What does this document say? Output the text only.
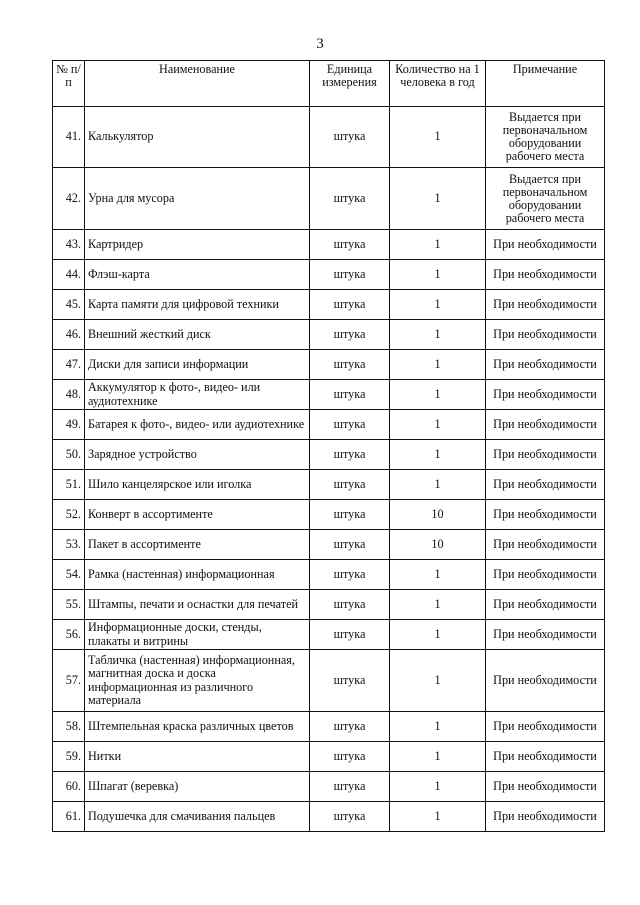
3
№ п/п	Наименование	Единица измерения	Количество на 1 человека в год	Примечание
41.	Калькулятор	штука	1	Выдается при первоначальном оборудовании рабочего места
42.	Урна для мусора	штука	1	Выдается при первоначальном оборудовании рабочего места
43.	Картридер	штука	1	При необходимости
44.	Флэш-карта	штука	1	При необходимости
45.	Карта памяти для цифровой техники	штука	1	При необходимости
46.	Внешний жесткий диск	штука	1	При необходимости
47.	Диски для записи информации	штука	1	При необходимости
48.	Аккумулятор к фото-, видео- или аудиотехнике	штука	1	При необходимости
49.	Батарея к фото-, видео- или аудиотехнике	штука	1	При необходимости
50.	Зарядное устройство	штука	1	При необходимости
51.	Шило канцелярское или иголка	штука	1	При необходимости
52.	Конверт в ассортименте	штука	10	При необходимости
53.	Пакет в ассортименте	штука	10	При необходимости
54.	Рамка (настенная) информационная	штука	1	При необходимости
55.	Штампы, печати и оснастки для печатей	штука	1	При необходимости
56.	Информационные доски, стенды, плакаты и витрины	штука	1	При необходимости
57.	Табличка (настенная) информационная, магнитная доска и доска информационная из различного материала	штука	1	При необходимости
58.	Штемпельная краска различных цветов	штука	1	При необходимости
59.	Нитки	штука	1	При необходимости
60.	Шпагат (веревка)	штука	1	При необходимости
61.	Подушечка для смачивания пальцев	штука	1	При необходимости
